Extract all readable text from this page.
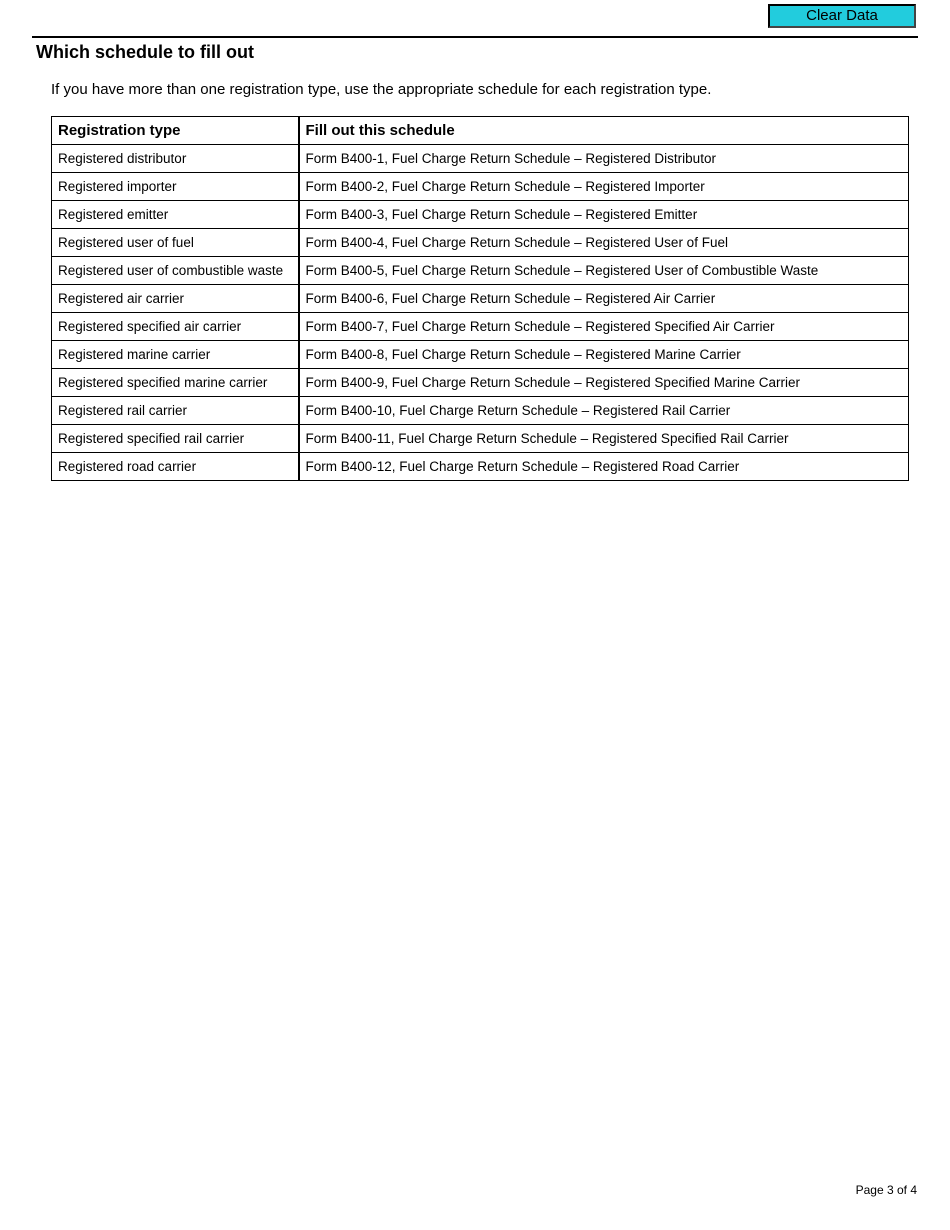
Clear Data
Which schedule to fill out

If you have more than one registration type, use the appropriate schedule for each registration type.

Registration type	Fill out this schedule
Registered distributor	Form B400-1, Fuel Charge Return Schedule – Registered Distributor
Registered importer	Form B400-2, Fuel Charge Return Schedule – Registered Importer
Registered emitter	Form B400-3, Fuel Charge Return Schedule – Registered Emitter
Registered user of fuel	Form B400-4, Fuel Charge Return Schedule – Registered User of Fuel
Registered user of combustible waste	Form B400-5, Fuel Charge Return Schedule – Registered User of Combustible Waste
Registered air carrier	Form B400-6, Fuel Charge Return Schedule – Registered Air Carrier
Registered specified air carrier	Form B400-7, Fuel Charge Return Schedule – Registered Specified Air Carrier
Registered marine carrier	Form B400-8, Fuel Charge Return Schedule – Registered Marine Carrier
Registered specified marine carrier	Form B400-9, Fuel Charge Return Schedule – Registered Specified Marine Carrier
Registered rail carrier	Form B400-10, Fuel Charge Return Schedule – Registered Rail Carrier
Registered specified rail carrier	Form B400-11, Fuel Charge Return Schedule – Registered Specified Rail Carrier
Registered road carrier	Form B400-12, Fuel Charge Return Schedule – Registered Road Carrier
Page 3 of 4
